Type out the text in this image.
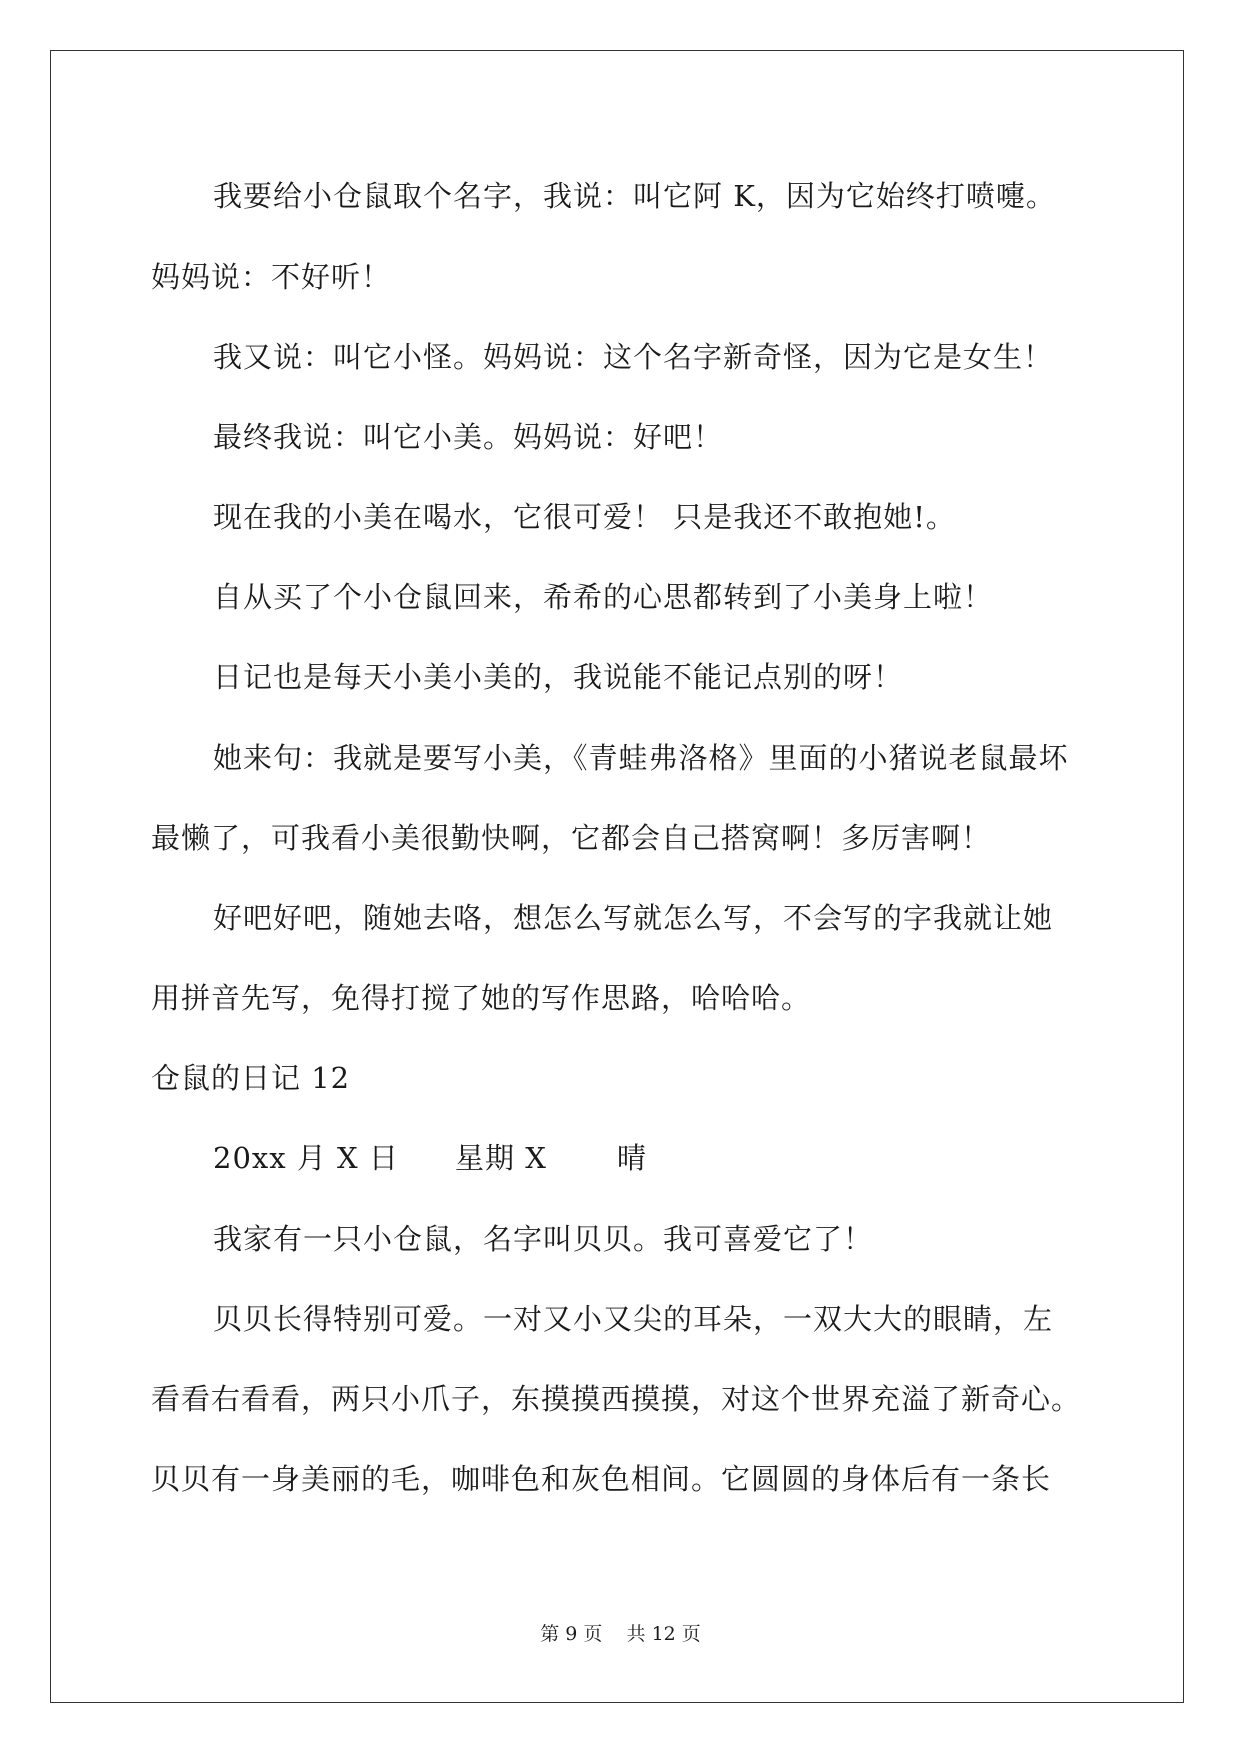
我要给小仓鼠取个名字，我说：叫它阿 K，因为它始终打喷嚏。
妈妈说：不好听！
我又说：叫它小怪。妈妈说：这个名字新奇怪，因为它是女生！
最终我说：叫它小美。妈妈说：好吧！
现在我的小美在喝水，它很可爱！ 只是我还不敢抱她!。
自从买了个小仓鼠回来，希希的心思都转到了小美身上啦！
日记也是每天小美小美的，我说能不能记点别的呀！
她来句：我就是要写小美，《青蛙弗洛格》里面的小猪说老鼠最坏
最懒了，可我看小美很勤快啊，它都会自己搭窝啊！多厉害啊！
好吧好吧，随她去咯，想怎么写就怎么写，不会写的字我就让她
用拼音先写，免得打搅了她的写作思路，哈哈哈。
仓鼠的日记 12
20xx 月 X 日 星期 X 晴
我家有一只小仓鼠，名字叫贝贝。我可喜爱它了！
贝贝长得特别可爱。一对又小又尖的耳朵，一双大大的眼睛，左
看看右看看，两只小爪子，东摸摸西摸摸，对这个世界充溢了新奇心。
贝贝有一身美丽的毛，咖啡色和灰色相间。它圆圆的身体后有一条长
第 9 页 共 12 页
